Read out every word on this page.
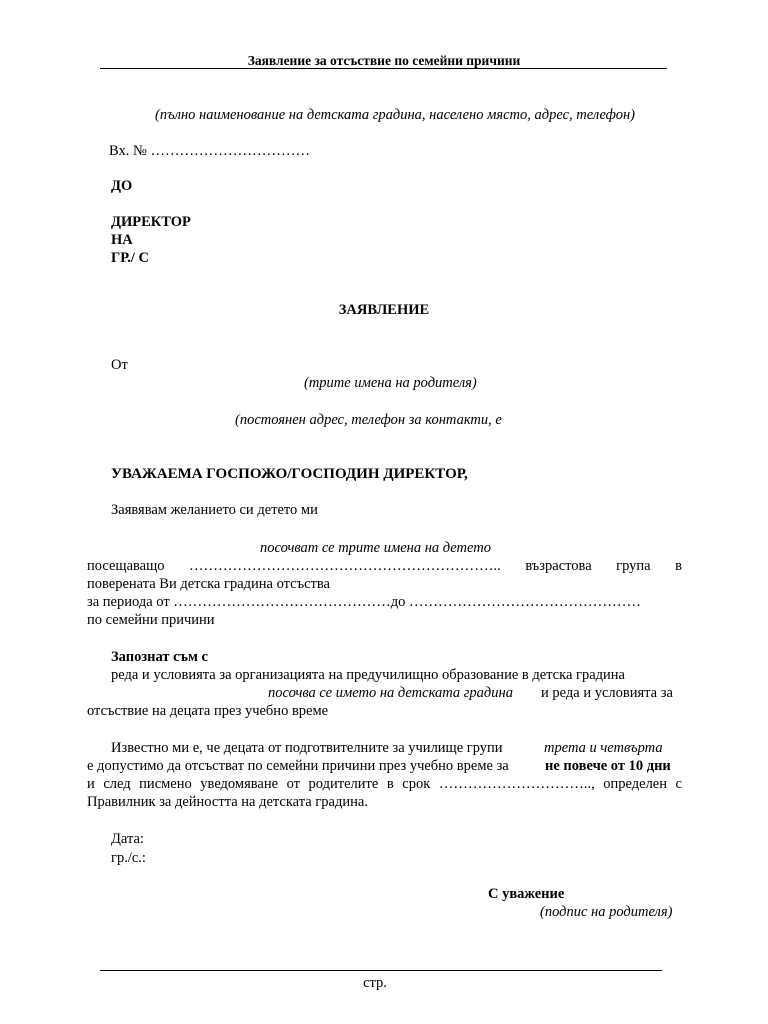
Заявление за отсъствие по семейни причини
(пълно наименование на детската градина, населено място, адрес, телефон)
Вх. № ……………………………
ДО
ДИРЕКТОР
НА
ГР./ С
ЗАЯВЛЕНИЕ
От
(трите имена на родителя)
(постоянен адрес, телефон за контакти, е
УВАЖАЕМА ГОСПОЖО/ГОСПОДИН ДИРЕКТОР,
Заявявам желанието си детето ми
посочват се трите имена на детето
посещаващо ……………………………………………………….. възрастова група в
поверената Ви детска градина отсъства
за периода от ………………………………………до …………………………………………
по семейни причини
Запознат съм с
реда и условията за организацията на предучилищно образование в детска градина
посочва се името на детската градина и реда и условията за
отсъствие на децата през учебно време
Известно ми е, че децата от подготвителните за училище групи	трета и четвърта
е допустимо да отсъстват по семейни причини през учебно време за	не повече от 10 дни
и след писмено уведомяване от родителите в срок ………………………….., определен с
Правилник за дейността на детската градина.
Дата:
гр./с.:
С уважение
(подпис на родителя)
стр.
